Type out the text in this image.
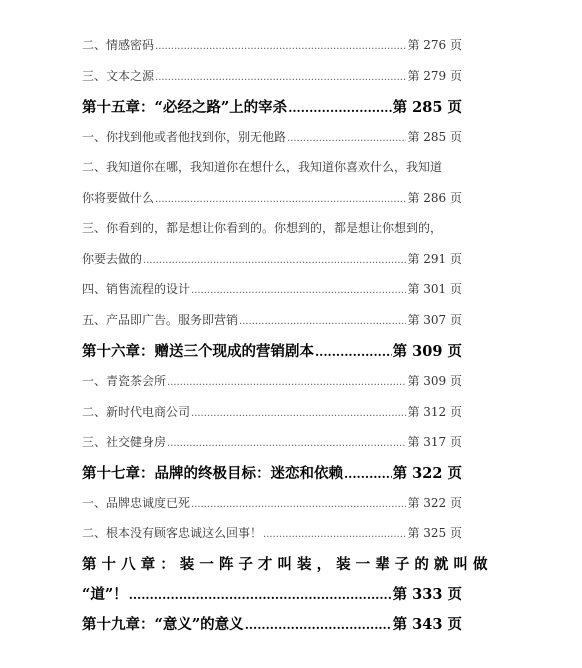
二、情感密码 .....	第 276 页
三、文本之源 .....	第 279 页
第十五章：“必经之路”上的宰杀 .....	第 285 页
一、你找到他或者他找到你，别无他路 .....	第 285 页
二、我知道你在哪，我知道你在想什么，我知道你喜欢什么，我知道
你将要做什么 .....	第 286 页
三、你看到的，都是想让你看到的。你想到的，都是想让你想到的，
你要去做的 .....	第 291 页
四、销售流程的设计 .....	第 301 页
五、产品即广告。服务即营销 .....	第 307 页
第十六章：赠送三个现成的营销剧本 .....	第 309 页
一、青瓷茶会所 .....	第 309 页
二、新时代电商公司 .....	第 312 页
三、社交健身房 .....	第 317 页
第十七章：品牌的终极目标：迷恋和依赖 .....	第 322 页
一、品牌忠诚度已死 .....	第 322 页
二、根本没有顾客忠诚这么回事！ .....	第 325 页
第 十 八 章 ： 装 一 阵 子 才 叫 装 ， 装 一 辈 子 的 就 叫 做
“道”！ .....	第 333 页
第十九章：“意义”的意义 .....	第 343 页
